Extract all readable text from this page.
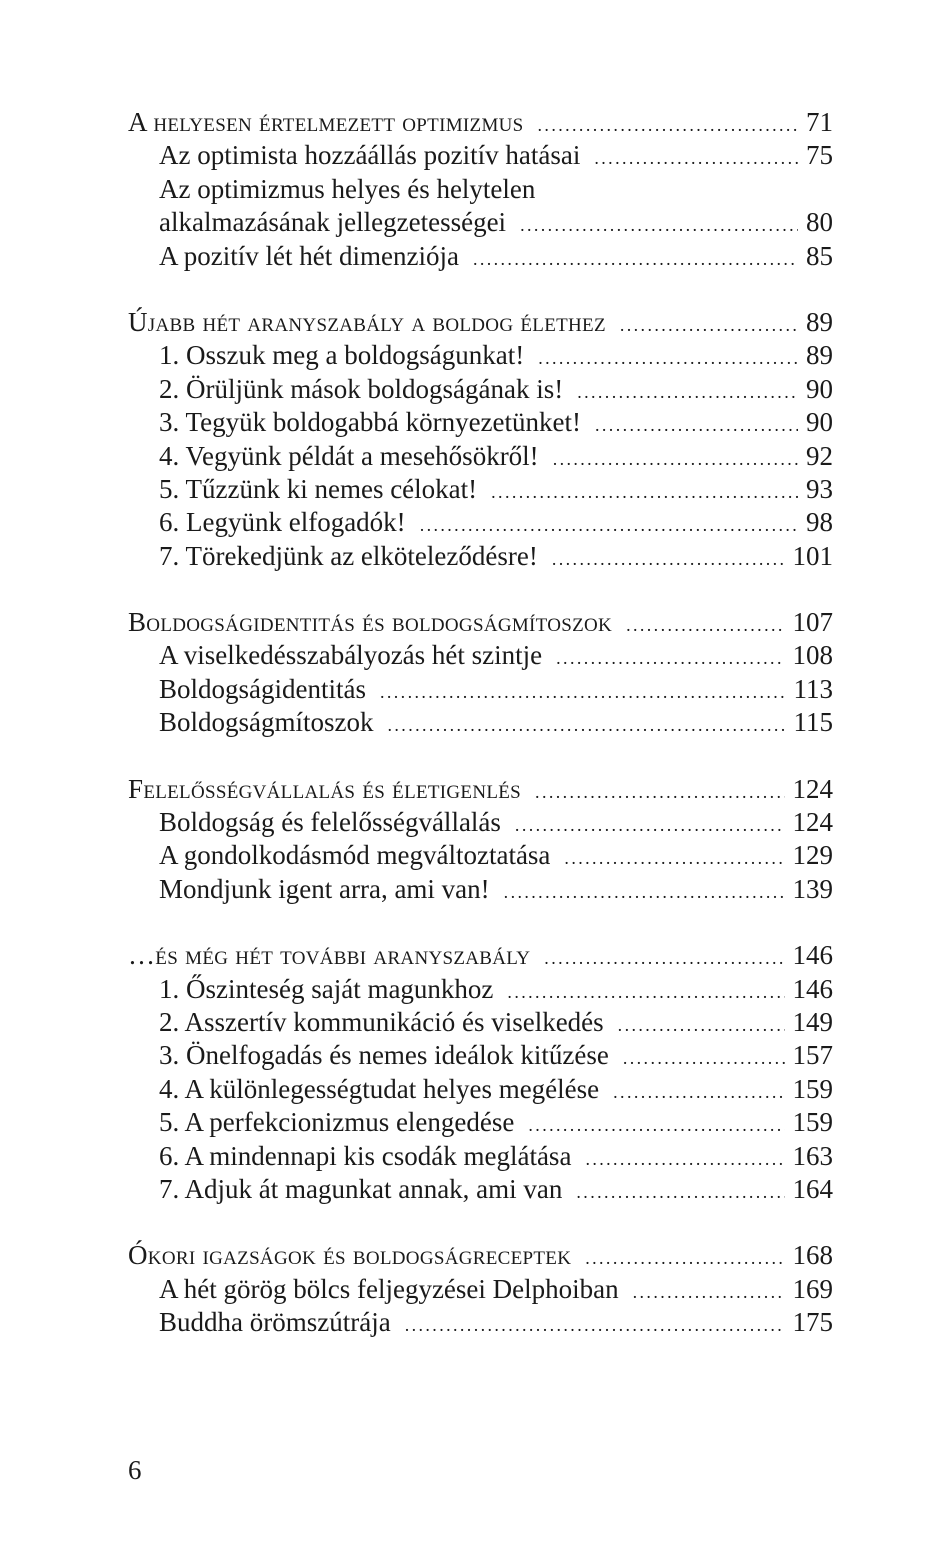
A helyesen értelmezett optimizmus .....	71
Az optimista hozzáállás pozitív hatásai .....	75
Az optimizmus helyes és helytelen
alkalmazásának jellegzetességei .....	80
A pozitív lét hét dimenziója .....	85
Újabb hét aranyszabály a boldog élethez .....	89
1. Osszuk meg a boldogságunkat! .....	89
2. Örüljünk mások boldogságának is! .....	90
3. Tegyük boldogabbá környezetünket! .....	90
4. Vegyünk példát a mesehősökről! .....	92
5. Tűzzünk ki nemes célokat! .....	93
6. Legyünk elfogadók! .....	98
7. Törekedjünk az elköteleződésre! .....	101
Boldogságidentitás és boldogságmítoszok .....	107
A viselkedésszabályozás hét szintje .....	108
Boldogságidentitás .....	113
Boldogságmítoszok .....	115
Felelősségvállalás és életigenlés .....	124
Boldogság és felelősségvállalás .....	124
A gondolkodásmód megváltoztatása .....	129
Mondjunk igent arra, ami van! .....	139
…és még hét további aranyszabály .....	146
1. Őszinteség saját magunkhoz .....	146
2. Asszertív kommunikáció és viselkedés .....	149
3. Önelfogadás és nemes ideálok kitűzése .....	157
4. A különlegességtudat helyes megélése .....	159
5. A perfekcionizmus elengedése .....	159
6. A mindennapi kis csodák meglátása .....	163
7. Adjuk át magunkat annak, ami van .....	164
Ókori igazságok és boldogságreceptek .....	168
A hét görög bölcs feljegyzései Delphoiban .....	169
Buddha örömszútrája .....	175
6
